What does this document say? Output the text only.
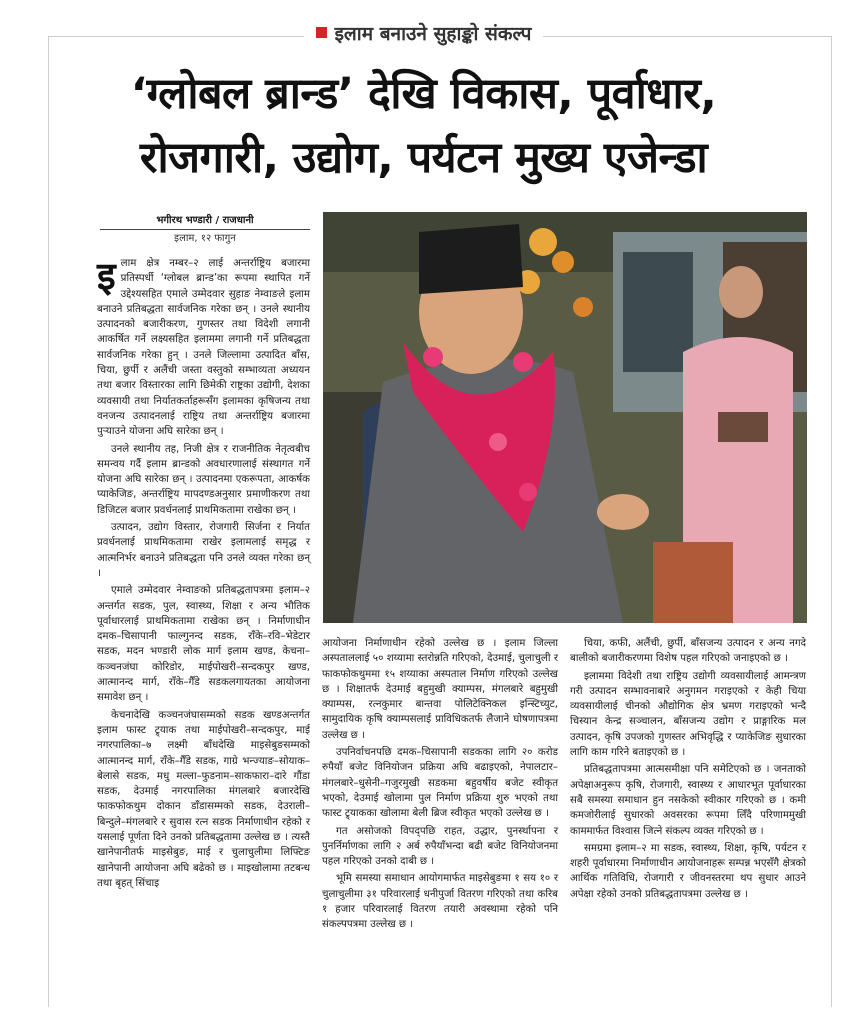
इलाम बनाउने सुहाङ्को संकल्प
‘ग्लोबल ब्रान्ड’ देखि विकास, पूर्वाधार,
रोजगारी, उद्योग, पर्यटन मुख्य एजेन्डा
भगीरथ भण्डारी / राजधानी
इलाम, १२ फागुन
इ लाम क्षेत्र नम्बर–२ लाई अन्तर्राष्ट्रिय बजारमा प्रतिस्पर्धी ‘ग्लोबल ब्रान्ड’का रूपमा स्थापित गर्ने उद्देश्यसहित एमाले उम्मेदवार सुहाङ नेम्वाङले इलाम बनाउने प्रतिबद्धता सार्वजनिक गरेका छन् । उनले स्थानीय उत्पादनको बजारीकरण, गुणस्तर तथा विदेशी लगानी आकर्षित गर्ने लक्ष्यसहित इलाममा लगानी गर्ने प्रतिबद्धता सार्वजनिक गरेका हुन् । उनले जिल्लामा उत्पादित बाँस, चिया, छुर्पी र अलैंची जस्ता वस्तुको सम्भाव्यता अध्ययन तथा बजार विस्तारका लागि छिमेकी राष्ट्रका उद्योगी, देशका व्यवसायी तथा निर्यातकर्ताहरूसँग इलामका कृषिजन्य तथा वनजन्य उत्पादनलाई राष्ट्रिय तथा अन्तर्राष्ट्रिय बजारमा पुऱ्याउने योजना अघि सारेका छन् ।

उनले स्थानीय तह, निजी क्षेत्र र राजनीतिक नेतृत्वबीच समन्वय गर्दै इलाम ब्रान्डको अवधारणालाई संस्थागत गर्ने योजना अघि सारेका छन् । उत्पादनमा एकरूपता, आकर्षक प्याकेजिङ, अन्तर्राष्ट्रिय मापदण्डअनुसार प्रमाणीकरण तथा डिजिटल बजार प्रवर्धनलाई प्राथमिकतामा राखेका छन् ।

उत्पादन, उद्योग विस्तार, रोजगारी सिर्जना र निर्यात प्रवर्धनलाई प्राथमिकतामा राखेर इलामलाई समृद्ध र आत्मनिर्भर बनाउने प्रतिबद्धता पनि उनले व्यक्त गरेका छन् ।

एमाले उम्मेदवार नेम्वाङको प्रतिबद्धतापत्रमा इलाम–२ अन्तर्गत सडक, पुल, स्वास्थ्य, शिक्षा र अन्य भौतिक पूर्वाधारलाई प्राथमिकतामा राखेका छन् । निर्माणाधीन दमक–चिसापानी फाल्गुनन्द सडक, राँके–रवि–भेडेटार सडक, मदन भण्डारी लोक मार्ग इलाम खण्ड, केचना–कञ्चनजंघा कोरिडोर, माईपोखरी–सन्दकपुर खण्ड, आत्मानन्द मार्ग, राँके–गैँडे सडकलगायतका आयोजना समावेश छन् ।

केचनादेखि कञ्चनजंघासम्मको सडक खण्डअन्तर्गत इलाम फास्ट ट्र्याक तथा माईपोखरी–सन्दकपुर, माई नगरपालिका–७ लक्ष्मी बाँधदेखि माइसेबुङसम्मको आत्मानन्द मार्ग, राँके–गैँडे सडक, गाग्रे भन्ज्याङ–सोयाक–बेलासे सडक, मधु मल्ला–फुडनाम–साकफारा–दारे गौंडा सडक, देउमाई नगरपालिका मंगलबारे बजारदेखि फाकफोकथुम दोकान डाँडासम्मको सडक, देउराली–बिन्दुले–मंगलबारे र सुवास रत्न सडक निर्माणाधीन रहेको र यसलाई पूर्णता दिने उनको प्रतिबद्धतामा उल्लेख छ । त्यस्तै खानेपानीतर्फ माइसेबुङ, माई र चुलाचुलीमा लिफ्टिङ खानेपानी आयोजना अघि बढेको छ । माइखोलामा तटबन्ध तथा बृहत् सिंचाइ

आयोजना निर्माणाधीन रहेको उल्लेख छ । इलाम जिल्ला अस्पताललाई ५० शय्यामा स्तरोन्नति गरिएको, देउमाई, चुलाचुली र फाकफोकथुममा १५ शय्याका अस्पताल निर्माण गरिएको उल्लेख छ । शिक्षातर्फ देउमाई बहुमुखी क्याम्पस, मंगलबारे बहुमुखी क्याम्पस, रत्नकुमार बान्तवा पोलिटेक्निकल इन्स्टिच्युट, सामुदायिक कृषि क्याम्पसलाई प्राविधिकतर्फ लैजाने घोषणापत्रमा उल्लेख छ ।

उपनिर्वाचनपछि दमक–चिसापानी सडकका लागि २० करोड रुपैयाँ बजेट विनियोजन प्रक्रिया अघि बढाइएको, नेपालटार–मंगलबारे–धुसेनी–गजुरमुखी सडकमा बहुवर्षीय बजेट स्वीकृत भएको, देउमाई खोलामा पुल निर्माण प्रक्रिया शुरु भएको तथा फास्ट ट्र्याकका खोलामा बेली ब्रिज स्वीकृत भएको उल्लेख छ ।

गत असोजको विपद्पछि राहत, उद्धार, पुनर्स्थापना र पुनर्निर्माणका लागि २ अर्ब रुपैयाँभन्दा बढी बजेट विनियोजनमा पहल गरिएको उनको दाबी छ ।

भूमि समस्या समाधान आयोगमार्फत माइसेबुङमा १ सय १० र चुलाचुलीमा ३१ परिवारलाई धनीपुर्जा वितरण गरिएको तथा करिब १ हजार परिवारलाई वितरण तयारी अवस्थामा रहेको पनि संकल्पपत्रमा उल्लेख छ ।

चिया, कफी, अलैंची, छुर्पी, बाँसजन्य उत्पादन र अन्य नगदे बालीको बजारीकरणमा विशेष पहल गरिएको जनाइएको छ ।

इलाममा विदेशी तथा राष्ट्रिय उद्योगी व्यवसायीलाई आमन्त्रण गरी उत्पादन सम्भावनाबारे अनुगमन गराइएको र केही चिया व्यवसायीलाई चीनको औद्योगिक क्षेत्र भ्रमण गराइएको भन्दै चिस्यान केन्द्र सञ्चालन, बाँसजन्य उद्योग र प्राङ्गारिक मल उत्पादन, कृषि उपजको गुणस्तर अभिवृद्धि र प्याकेजिङ सुधारका लागि काम गरिने बताइएको छ ।

प्रतिबद्धतापत्रमा आत्मसमीक्षा पनि समेटिएको छ । जनताको अपेक्षाअनुरूप कृषि, रोजगारी, स्वास्थ्य र आधारभूत पूर्वाधारका सबै समस्या समाधान हुन नसकेको स्वीकार गरिएको छ । कमी कमजोरीलाई सुधारको अवसरका रूपमा लिँदै परिणाममुखी काममार्फत विश्वास जित्ने संकल्प व्यक्त गरिएको छ ।

समग्रमा इलाम–२ मा सडक, स्वास्थ्य, शिक्षा, कृषि, पर्यटन र शहरी पूर्वाधारमा निर्माणाधीन आयोजनाहरू सम्पन्न भएसँगै क्षेत्रको आर्थिक गतिविधि, रोजगारी र जीवनस्तरमा थप सुधार आउने अपेक्षा रहेको उनको प्रतिबद्धतापत्रमा उल्लेख छ ।
